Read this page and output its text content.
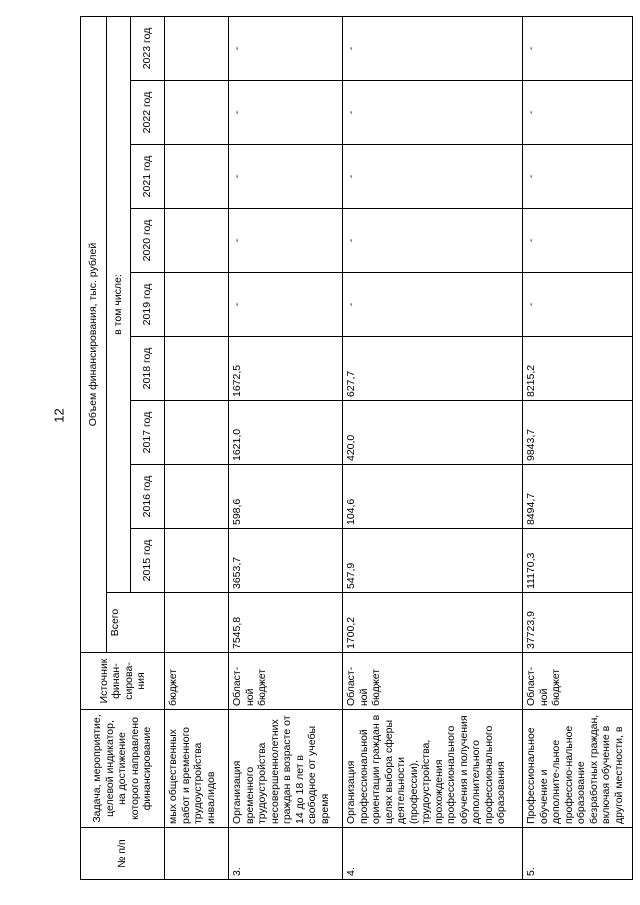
12
№ п/п	Задача, мероприятие, целевой индикатор, на достижение которого направлено финансирование	Источник финан-сирова-ния	Объем финансирования, тыс. рублей									
			Всего	в том числе:								
				2015 год	2016 год	2017 год	2018 год	2019 год	2020 год	2021 год	2022 год	2023 год
	мых общественных работ и временного трудоустройства инвалидов	бюджет										
3.	Организация временного трудоустройства несовершеннолетних граждан в возрасте от 14 до 18 лет в свободное от учебы время	Област-ной бюджет	7545,8	3653,7	598,6	1621,0	1672,5	-	-	-	-	-
4.	Организация профессиональной ориентации граждан в целях выбора сферы деятельности (профессии), трудоустройства, прохождения профессионального обучения и получения дополнительного профессионального образования	Област-ной бюджет	1700,2	547,9	104,6	420,0	627,7	-	-	-	-	-
5.	Профессиональное обучение и дополните-льное профессио-нальное образование безработных граждан, включая обучение в другой местности, в	Област-ной бюджет	37723,9	11170,3	8494,7	9843,7	8215,2	-	-	-	-	-
